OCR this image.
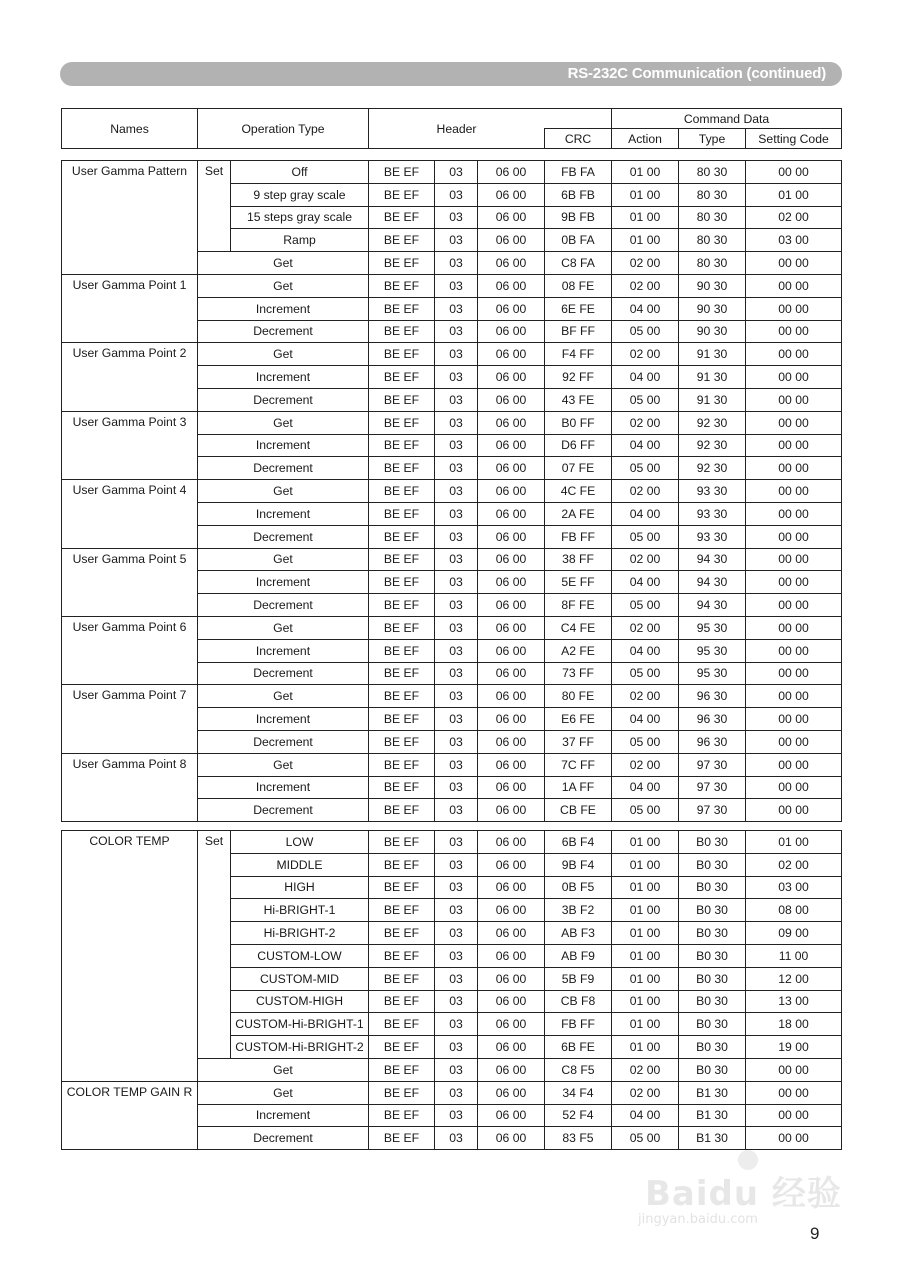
RS-232C Communication (continued)
Names	Operation Type	Header		Command Data		
			CRC	Action	Type	Setting Code
User Gamma Pattern	Set	Off	BE EF	03	06 00	FB FA	01 00	80 30	00 00
		9 step gray scale	BE EF	03	06 00	6B FB	01 00	80 30	01 00
		15 steps gray scale	BE EF	03	06 00	9B FB	01 00	80 30	02 00
		Ramp	BE EF	03	06 00	0B FA	01 00	80 30	03 00
	Get		BE EF	03	06 00	C8 FA	02 00	80 30	00 00
User Gamma Point 1	Get		BE EF	03	06 00	08 FE	02 00	90 30	00 00
	Increment		BE EF	03	06 00	6E FE	04 00	90 30	00 00
	Decrement		BE EF	03	06 00	BF FF	05 00	90 30	00 00
User Gamma Point 2	Get		BE EF	03	06 00	F4 FF	02 00	91 30	00 00
	Increment		BE EF	03	06 00	92 FF	04 00	91 30	00 00
	Decrement		BE EF	03	06 00	43 FE	05 00	91 30	00 00
User Gamma Point 3	Get		BE EF	03	06 00	B0 FF	02 00	92 30	00 00
	Increment		BE EF	03	06 00	D6 FF	04 00	92 30	00 00
	Decrement		BE EF	03	06 00	07 FE	05 00	92 30	00 00
User Gamma Point 4	Get		BE EF	03	06 00	4C FE	02 00	93 30	00 00
	Increment		BE EF	03	06 00	2A FE	04 00	93 30	00 00
	Decrement		BE EF	03	06 00	FB FF	05 00	93 30	00 00
User Gamma Point 5	Get		BE EF	03	06 00	38 FF	02 00	94 30	00 00
	Increment		BE EF	03	06 00	5E FF	04 00	94 30	00 00
	Decrement		BE EF	03	06 00	8F FE	05 00	94 30	00 00
User Gamma Point 6	Get		BE EF	03	06 00	C4 FE	02 00	95 30	00 00
	Increment		BE EF	03	06 00	A2 FE	04 00	95 30	00 00
	Decrement		BE EF	03	06 00	73 FF	05 00	95 30	00 00
User Gamma Point 7	Get		BE EF	03	06 00	80 FE	02 00	96 30	00 00
	Increment		BE EF	03	06 00	E6 FE	04 00	96 30	00 00
	Decrement		BE EF	03	06 00	37 FF	05 00	96 30	00 00
User Gamma Point 8	Get		BE EF	03	06 00	7C FF	02 00	97 30	00 00
	Increment		BE EF	03	06 00	1A FF	04 00	97 30	00 00
	Decrement		BE EF	03	06 00	CB FE	05 00	97 30	00 00
COLOR TEMP	Set	LOW	BE EF	03	06 00	6B F4	01 00	B0 30	01 00
		MIDDLE	BE EF	03	06 00	9B F4	01 00	B0 30	02 00
		HIGH	BE EF	03	06 00	0B F5	01 00	B0 30	03 00
		Hi-BRIGHT-1	BE EF	03	06 00	3B F2	01 00	B0 30	08 00
		Hi-BRIGHT-2	BE EF	03	06 00	AB F3	01 00	B0 30	09 00
		CUSTOM-LOW	BE EF	03	06 00	AB F9	01 00	B0 30	11 00
		CUSTOM-MID	BE EF	03	06 00	5B F9	01 00	B0 30	12 00
		CUSTOM-HIGH	BE EF	03	06 00	CB F8	01 00	B0 30	13 00
		CUSTOM-Hi-BRIGHT-1	BE EF	03	06 00	FB FF	01 00	B0 30	18 00
		CUSTOM-Hi-BRIGHT-2	BE EF	03	06 00	6B FE	01 00	B0 30	19 00
	Get		BE EF	03	06 00	C8 F5	02 00	B0 30	00 00
COLOR TEMP GAIN R	Get		BE EF	03	06 00	34 F4	02 00	B1 30	00 00
	Increment		BE EF	03	06 00	52 F4	04 00	B1 30	00 00
	Decrement		BE EF	03	06 00	83 F5	05 00	B1 30	00 00
Baidu 经验
jingyan.baidu.com
9
